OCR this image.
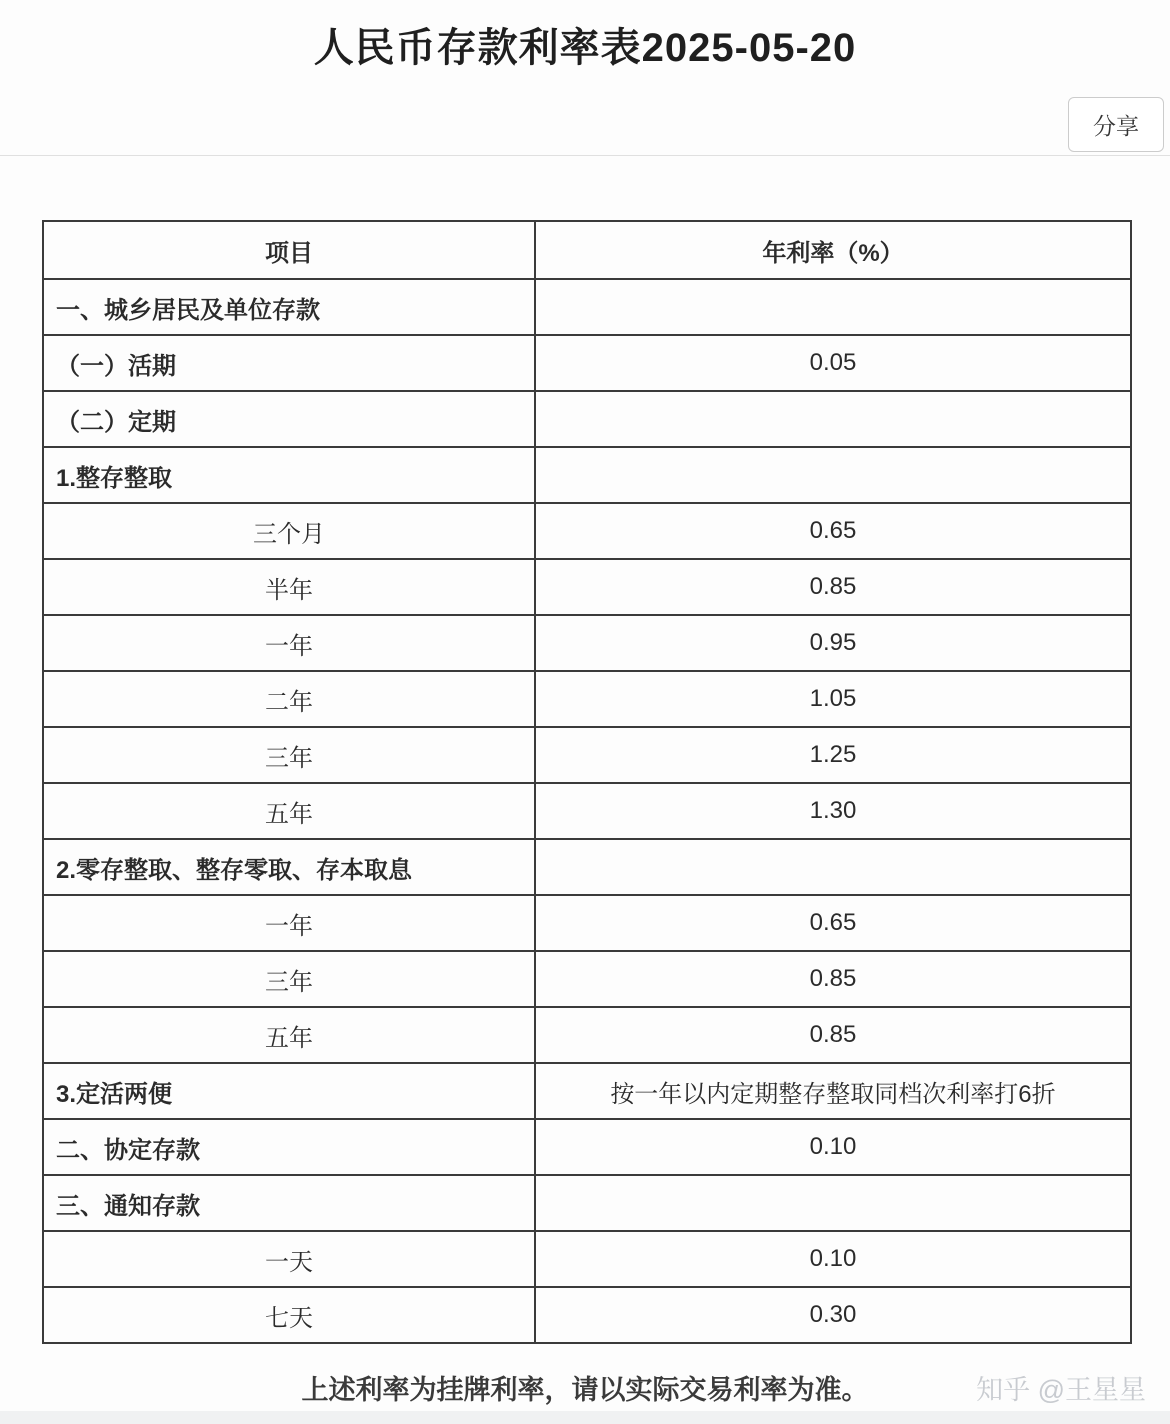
人民币存款利率表2025-05-20
分享
项目	年利率（%）
一、城乡居民及单位存款	
（一）活期	0.05
（二）定期	
1.整存整取	
三个月	0.65
半年	0.85
一年	0.95
二年	1.05
三年	1.25
五年	1.30
2.零存整取、整存零取、存本取息	
一年	0.65
三年	0.85
五年	0.85
3.定活两便	按一年以内定期整存整取同档次利率打6折
二、协定存款	0.10
三、通知存款	
一天	0.10
七天	0.30
上述利率为挂牌利率，请以实际交易利率为准。	知乎 @王星星
